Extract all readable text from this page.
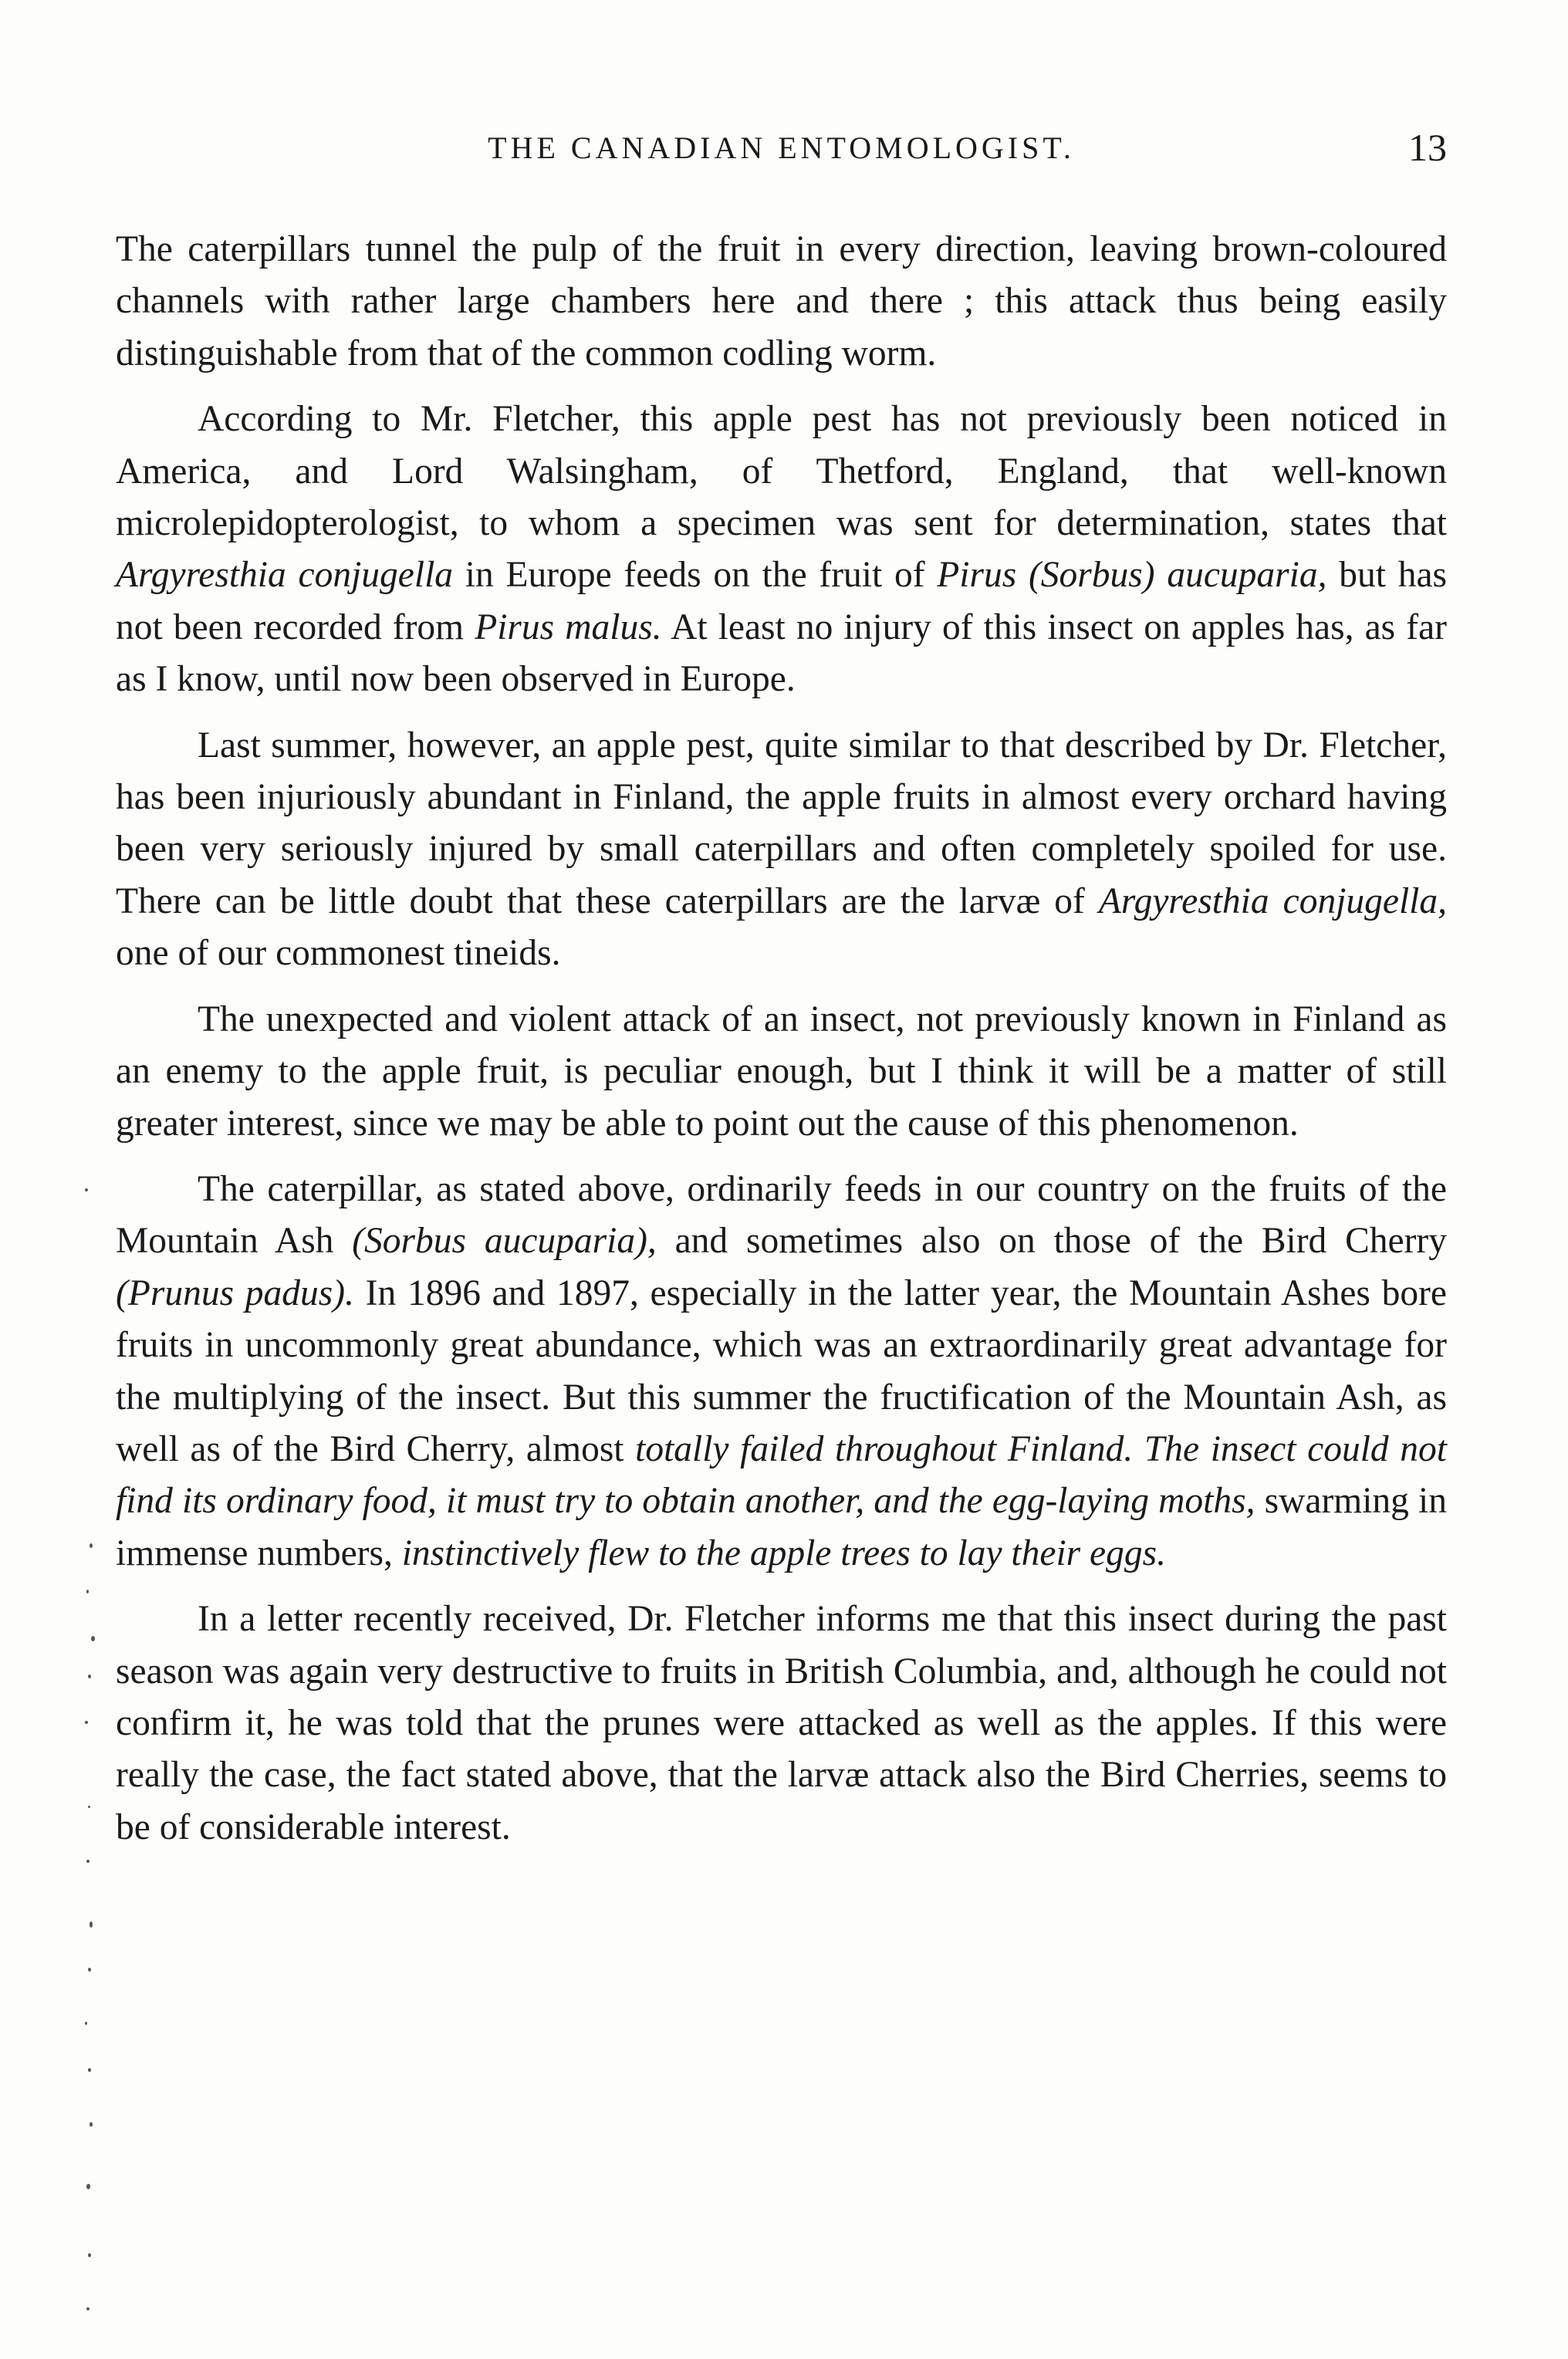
THE CANADIAN ENTOMOLOGIST.	13

The caterpillars tunnel the pulp of the fruit in every direction, leaving brown-coloured channels with rather large chambers here and there ; this attack thus being easily distinguishable from that of the common codling worm.

According to Mr. Fletcher, this apple pest has not previously been noticed in America, and Lord Walsingham, of Thetford, England, that well-known microlepidopterologist, to whom a specimen was sent for determination, states that Argyresthia conjugella in Europe feeds on the fruit of Pirus (Sorbus) aucuparia, but has not been recorded from Pirus malus. At least no injury of this insect on apples has, as far as I know, until now been observed in Europe.

Last summer, however, an apple pest, quite similar to that described by Dr. Fletcher, has been injuriously abundant in Finland, the apple fruits in almost every orchard having been very seriously injured by small caterpillars and often completely spoiled for use. There can be little doubt that these caterpillars are the larvæ of Argyresthia conjugella, one of our commonest tineids.

The unexpected and violent attack of an insect, not previously known in Finland as an enemy to the apple fruit, is peculiar enough, but I think it will be a matter of still greater interest, since we may be able to point out the cause of this phenomenon.

The caterpillar, as stated above, ordinarily feeds in our country on the fruits of the Mountain Ash (Sorbus aucuparia), and sometimes also on those of the Bird Cherry (Prunus padus). In 1896 and 1897, especially in the latter year, the Mountain Ashes bore fruits in uncommonly great abundance, which was an extraordinarily great advantage for the multiplying of the insect. But this summer the fructification of the Mountain Ash, as well as of the Bird Cherry, almost totally failed throughout Finland. The insect could not find its ordinary food, it must try to obtain another, and the egg-laying moths, swarming in immense numbers, instinctively flew to the apple trees to lay their eggs.

In a letter recently received, Dr. Fletcher informs me that this insect during the past season was again very destructive to fruits in British Columbia, and, although he could not confirm it, he was told that the prunes were attacked as well as the apples. If this were really the case, the fact stated above, that the larvæ attack also the Bird Cherries, seems to be of considerable interest.
